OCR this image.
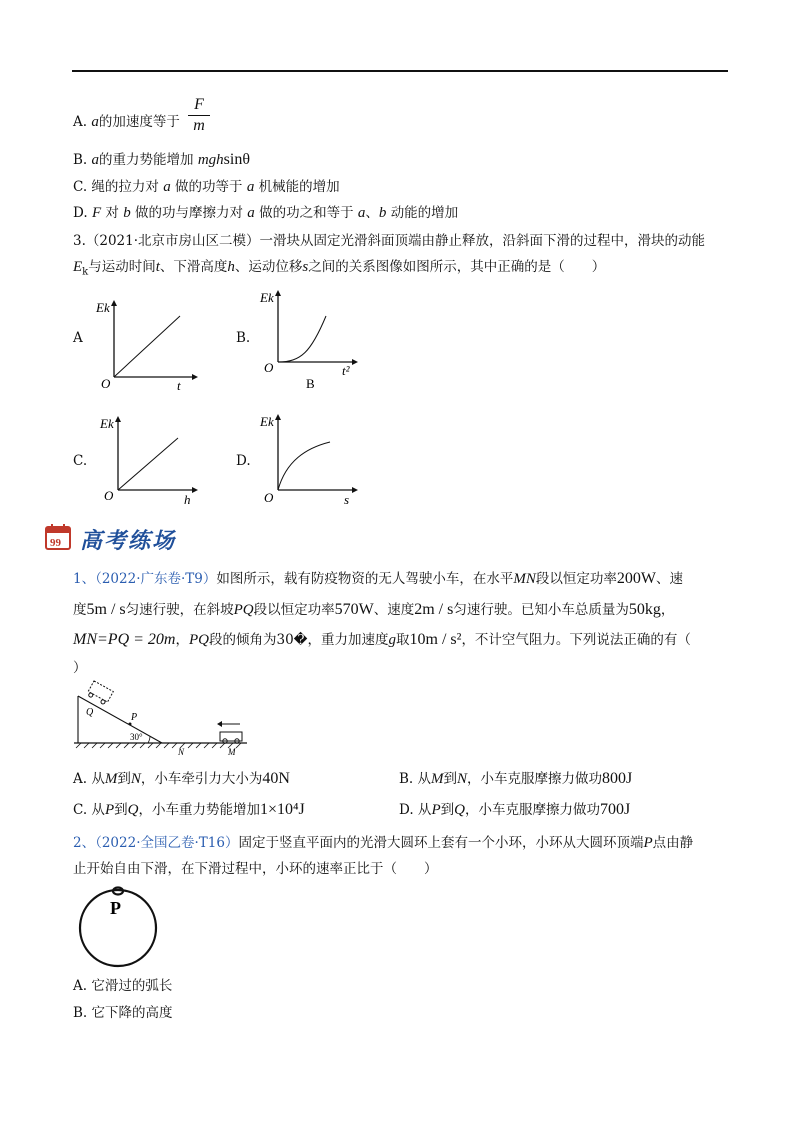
A. a的加速度等于
F
m
B. a的重力势能增加 mghsinθ
C. 绳的拉力对 a 做的功等于 a 机械能的增加
D. F 对 b 做的功与摩擦力对 a 做的功之和等于 a、b 动能的增加
3.（2021·北京市房山区二模）一滑块从固定光滑斜面顶端由静止释放，沿斜面下滑的过程中，滑块的动能
$E_k$与运动时间t、下滑高度h、运动位移s之间的关系图像如图所示，其中正确的是（　　）
A	B.
C.	D.
Ek
t
O
Ek
t²
O
B
Ek
h
O
Ek
s
O
99 高考练场
1、（2022·广东卷·T9）如图所示，载有防疫物资的无人驾驶小车，在水平MN段以恒定功率200W、速
度5m / s匀速行驶，在斜坡PQ段以恒定功率570W、速度2m / s匀速行驶。已知小车总质量为50kg，
MN=PQ = 20m，PQ段的倾角为30�，重力加速度g取10m / s²，不计空气阻力。下列说法正确的有（
）
Q	P
30°
N	M
A. 从M到N，小车牵引力大小为40N	B. 从M到N，小车克服摩擦力做功800J
C. 从P到Q，小车重力势能增加1×10⁴J	D. 从P到Q，小车克服摩擦力做功700J
2、（2022·全国乙卷·T16）固定于竖直平面内的光滑大圆环上套有一个小环，小环从大圆环顶端P点由静
止开始自由下滑，在下滑过程中，小环的速率正比于（　　）
P
A. 它滑过的弧长
B. 它下降的高度
